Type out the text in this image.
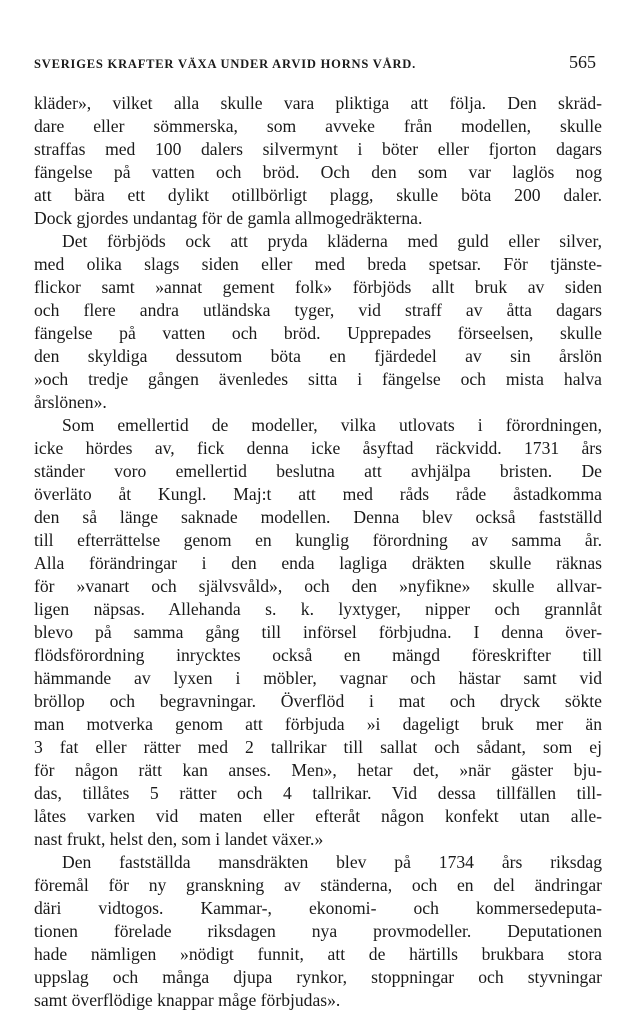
SVERIGES KRAFTER VÄXA UNDER ARVID HORNS VÅRD.	565
kläder», vilket alla skulle vara pliktiga att följa. Den skräd-
dare eller sömmerska, som avveke från modellen, skulle
straffas med 100 dalers silvermynt i böter eller fjorton dagars
fängelse på vatten och bröd. Och den som var laglös nog
att bära ett dylikt otillbörligt plagg, skulle böta 200 daler.
Dock gjordes undantag för de gamla allmogedräkterna.
Det förbjöds ock att pryda kläderna med guld eller silver,
med olika slags siden eller med breda spetsar. För tjänste-
flickor samt »annat gement folk» förbjöds allt bruk av siden
och flere andra utländska tyger, vid straff av åtta dagars
fängelse på vatten och bröd. Upprepades förseelsen, skulle
den skyldiga dessutom böta en fjärdedel av sin årslön
»och tredje gången ävenledes sitta i fängelse och mista halva
årslönen».
Som emellertid de modeller, vilka utlovats i förordningen,
icke hördes av, fick denna icke åsyftad räckvidd. 1731 års
ständer voro emellertid beslutna att avhjälpa bristen. De
överläto åt Kungl. Maj:t att med råds råde åstadkomma
den så länge saknade modellen. Denna blev också fastställd
till efterrättelse genom en kunglig förordning av samma år.
Alla förändringar i den enda lagliga dräkten skulle räknas
för »vanart och självsvåld», och den »nyfikne» skulle allvar-
ligen näpsas. Allehanda s. k. lyxtyger, nipper och grannlåt
blevo på samma gång till införsel förbjudna. I denna över-
flödsförordning inrycktes också en mängd föreskrifter till
hämmande av lyxen i möbler, vagnar och hästar samt vid
bröllop och begravningar. Överflöd i mat och dryck sökte
man motverka genom att förbjuda »i dageligt bruk mer än
3 fat eller rätter med 2 tallrikar till sallat och sådant, som ej
för någon rätt kan anses. Men», hetar det, »när gäster bju-
das, tillåtes 5 rätter och 4 tallrikar. Vid dessa tillfällen till-
låtes varken vid maten eller efteråt någon konfekt utan alle-
nast frukt, helst den, som i landet växer.»
Den fastställda mansdräkten blev på 1734 års riksdag
föremål för ny granskning av ständerna, och en del ändringar
däri vidtogos. Kammar-, ekonomi- och kommersedeputa-
tionen förelade riksdagen nya provmodeller. Deputationen
hade nämligen »nödigt funnit, att de härtills brukbara stora
uppslag och många djupa rynkor, stoppningar och styvningar
samt överflödige knappar måge förbjudas».
